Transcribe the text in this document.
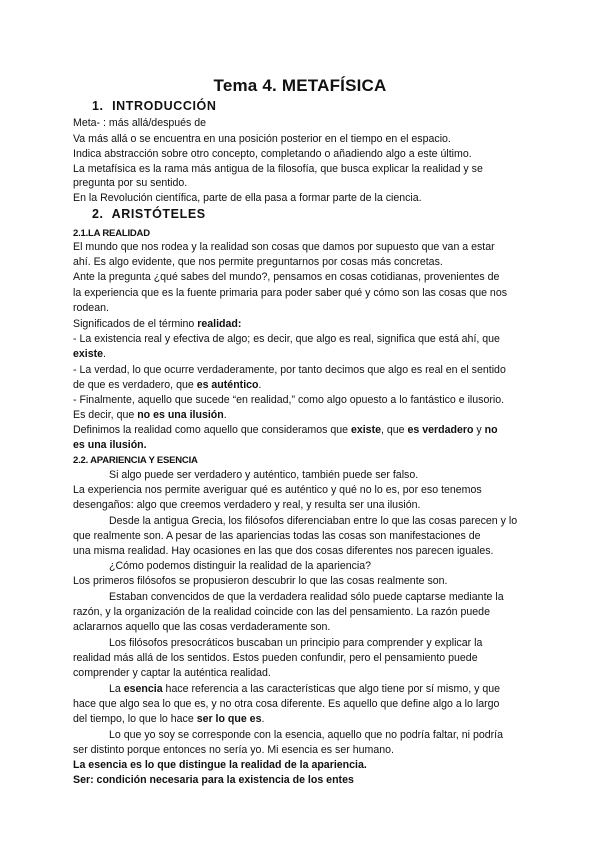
Tema 4. METAFÍSICA
1. INTRODUCCIÓN
Meta- : más allá/después de
Va más allá o se encuentra en una posición posterior en el tiempo en el espacio.
Indica abstracción sobre otro concepto, completando o añadiendo algo a este último.
La metafísica es la rama más antigua de la filosofía, que busca explicar la realidad y se
pregunta por su sentido.
En la Revolución científica, parte de ella pasa a formar parte de la ciencia.
2. ARISTÓTELES
2.1.LA REALIDAD
El mundo que nos rodea y la realidad son cosas que damos por supuesto que van a estar
ahí. Es algo evidente, que nos permite preguntarnos por cosas más concretas.
Ante la pregunta ¿qué sabes del mundo?, pensamos en cosas cotidianas, provenientes de
la experiencia que es la fuente primaria para poder saber qué y cómo son las cosas que nos
rodean.
Significados de el término realidad:
- La existencia real y efectiva de algo; es decir, que algo es real, significa que está ahí, que
existe.
- La verdad, lo que ocurre verdaderamente, por tanto decimos que algo es real en el sentido
de que es verdadero, que es auténtico.
- Finalmente, aquello que sucede “en realidad,” como algo opuesto a lo fantástico e ilusorio.
Es decir, que no es una ilusión.
Definimos la realidad como aquello que consideramos que existe, que es verdadero y no
es una ilusión.
2.2. APARIENCIA Y ESENCIA
Si algo puede ser verdadero y auténtico, también puede ser falso.
La experiencia nos permite averiguar qué es auténtico y qué no lo es, por eso tenemos
desengaños: algo que creemos verdadero y real, y resulta ser una ilusión.
Desde la antigua Grecia, los filósofos diferenciaban entre lo que las cosas parecen y lo
que realmente son. A pesar de las apariencias todas las cosas son manifestaciones de
una misma realidad. Hay ocasiones en las que dos cosas diferentes nos parecen iguales.
¿Cómo podemos distinguir la realidad de la apariencia?
Los primeros filósofos se propusieron descubrir lo que las cosas realmente son.
Estaban convencidos de que la verdadera realidad sólo puede captarse mediante la
razón, y la organización de la realidad coincide con las del pensamiento. La razón puede
aclararnos aquello que las cosas verdaderamente son.
Los filósofos presocráticos buscaban un principio para comprender y explicar la
realidad más allá de los sentidos. Estos pueden confundir, pero el pensamiento puede
comprender y captar la auténtica realidad.
La esencia hace referencia a las características que algo tiene por sí mismo, y que
hace que algo sea lo que es, y no otra cosa diferente. Es aquello que define algo a lo largo
del tiempo, lo que lo hace ser lo que es.
Lo que yo soy se corresponde con la esencia, aquello que no podría faltar, ni podría
ser distinto porque entonces no sería yo. Mi esencia es ser humano.
La esencia es lo que distingue la realidad de la apariencia.
Ser: condición necesaria para la existencia de los entes
